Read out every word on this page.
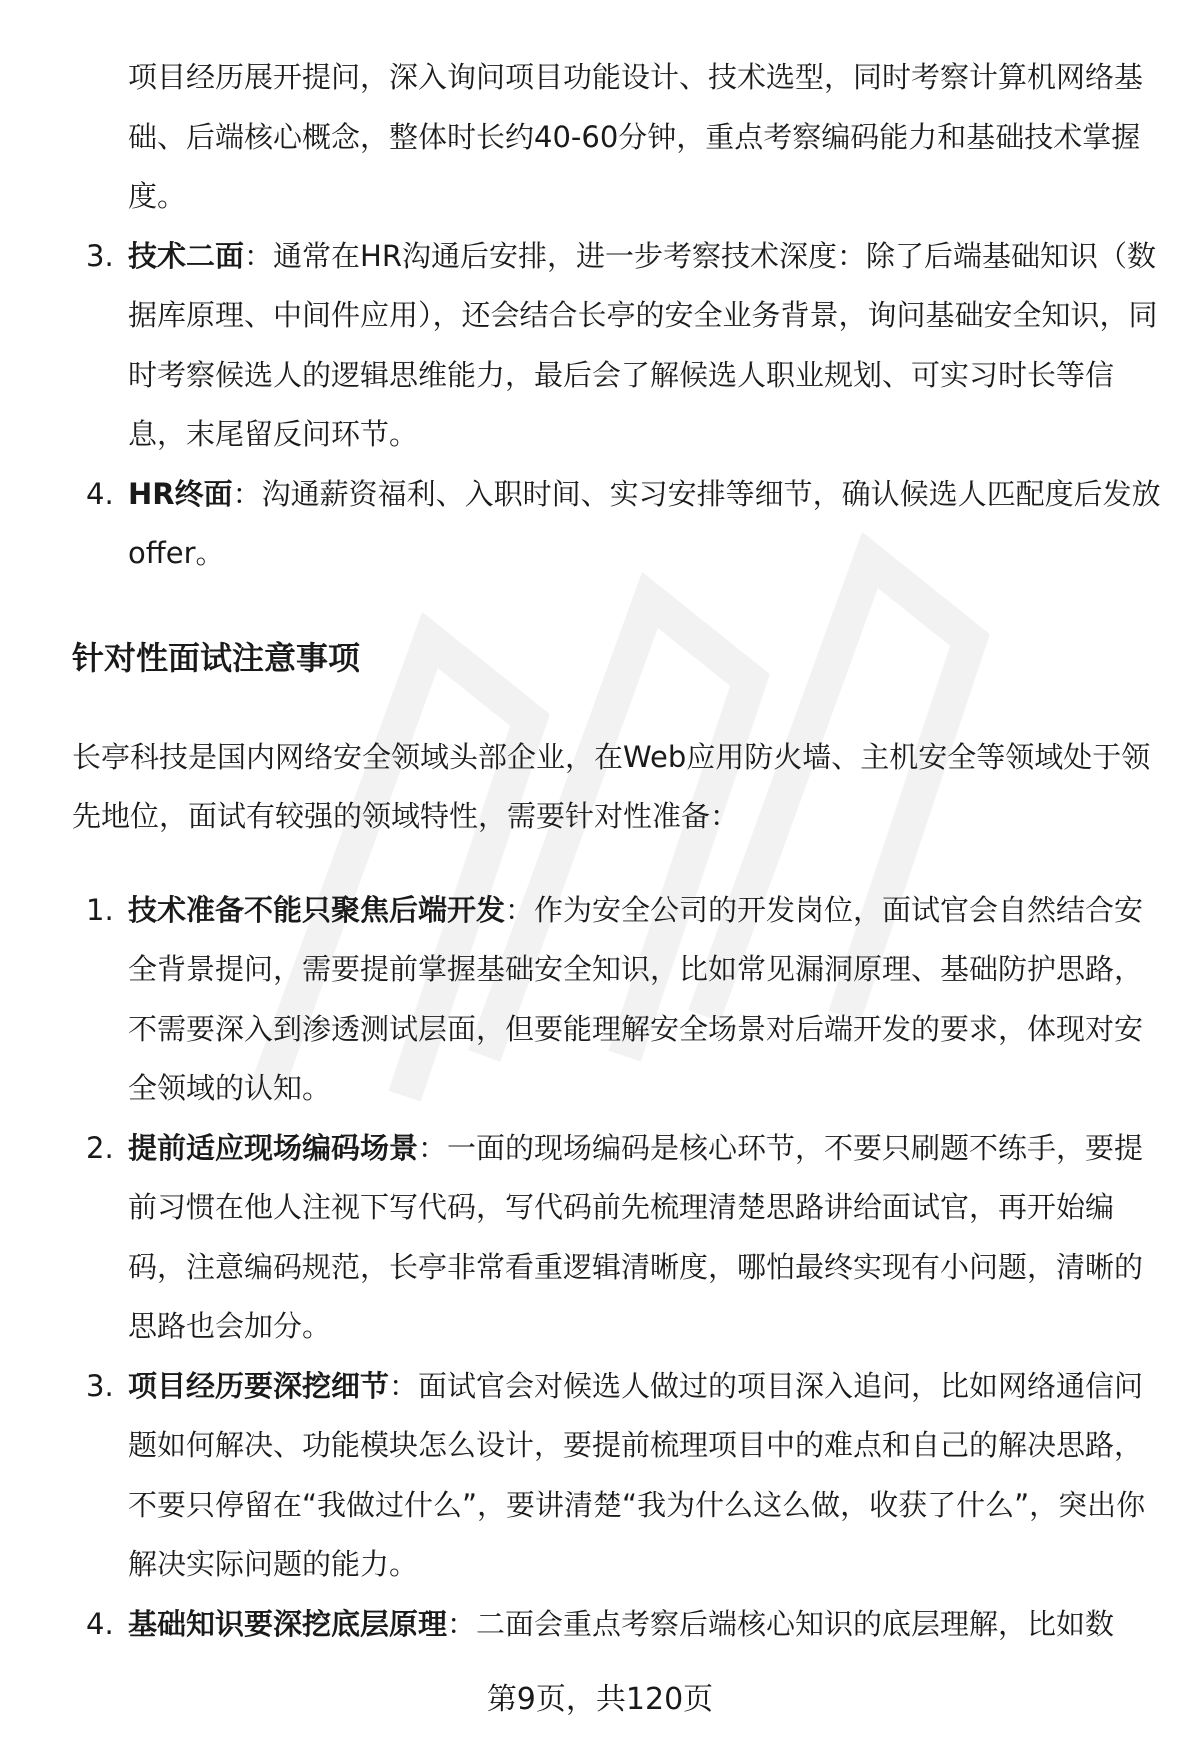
项目经历展开提问，深入询问项目功能设计、技术选型，同时考察计算机网络基础、后端核心概念，整体时长约40-60分钟，重点考察编码能力和基础技术掌握度。
3. 技术二面：通常在HR沟通后安排，进一步考察技术深度：除了后端基础知识（数据库原理、中间件应用），还会结合长亭的安全业务背景，询问基础安全知识，同时考察候选人的逻辑思维能力，最后会了解候选人职业规划、可实习时长等信息，末尾留反问环节。
4. HR终面：沟通薪资福利、入职时间、实习安排等细节，确认候选人匹配度后发放offer。
针对性面试注意事项

长亭科技是国内网络安全领域头部企业，在Web应用防火墙、主机安全等领域处于领先地位，面试有较强的领域特性，需要针对性准备：

1. 技术准备不能只聚焦后端开发：作为安全公司的开发岗位，面试官会自然结合安全背景提问，需要提前掌握基础安全知识，比如常见漏洞原理、基础防护思路，不需要深入到渗透测试层面，但要能理解安全场景对后端开发的要求，体现对安全领域的认知。
2. 提前适应现场编码场景：一面的现场编码是核心环节，不要只刷题不练手，要提前习惯在他人注视下写代码，写代码前先梳理清楚思路讲给面试官，再开始编码，注意编码规范，长亭非常看重逻辑清晰度，哪怕最终实现有小问题，清晰的思路也会加分。
3. 项目经历要深挖细节：面试官会对候选人做过的项目深入追问，比如网络通信问题如何解决、功能模块怎么设计，要提前梳理项目中的难点和自己的解决思路，不要只停留在“我做过什么”，要讲清楚“我为什么这么做，收获了什么”，突出你解决实际问题的能力。
4. 基础知识要深挖底层原理：二面会重点考察后端核心知识的底层理解，比如数
第9页，共120页
